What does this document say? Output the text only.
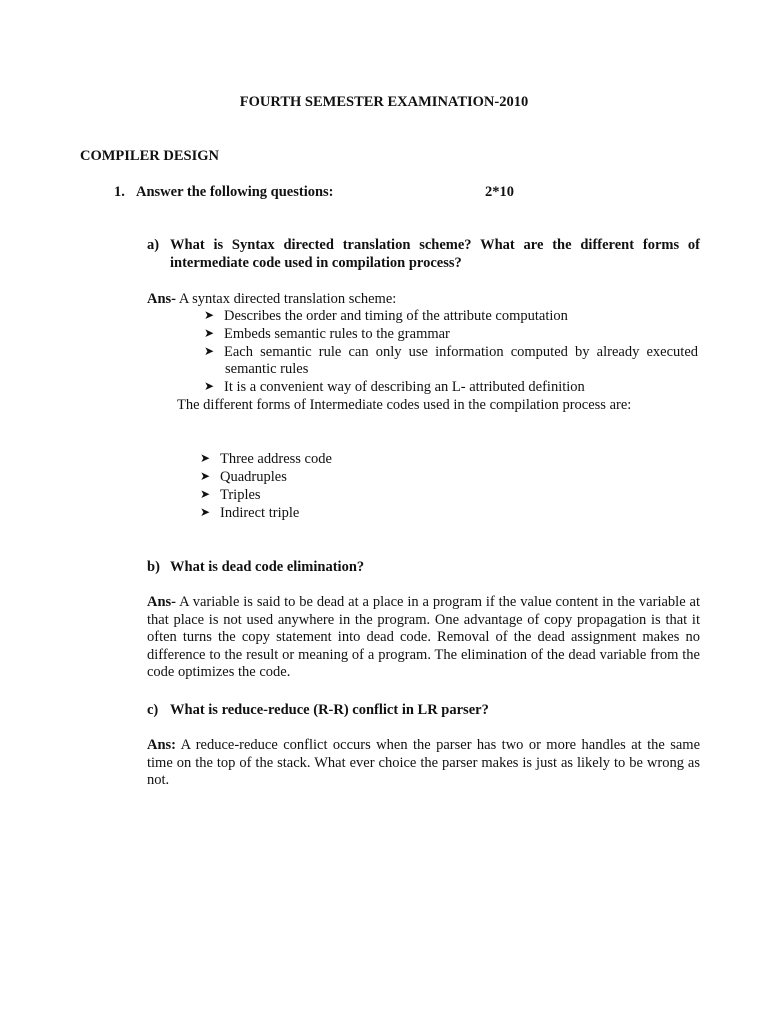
FOURTH SEMESTER EXAMINATION-2010
COMPILER DESIGN
1. Answer the following questions:	2*10
a) What is Syntax directed translation scheme? What are the different forms of
intermediate code used in compilation process?
Ans- A syntax directed translation scheme:
➤ Describes the order and timing of the attribute computation
➤ Embeds semantic rules to the grammar
➤ Each semantic rule can only use information computed by already executed
semantic rules
➤ It is a convenient way of describing an L- attributed definition
The different forms of Intermediate codes used in the compilation process are:
➤ Three address code
➤ Quadruples
➤ Triples
➤ Indirect triple
b) What is dead code elimination?
Ans- A variable is said to be dead at a place in a program if the value content in the variable at that place is not used anywhere in the program. One advantage of copy propagation is that it often turns the copy statement into dead code. Removal of the dead assignment makes no difference to the result or meaning of a program. The elimination of the dead variable from the code optimizes the code.
c) What is reduce-reduce (R-R) conflict in LR parser?
Ans: A reduce-reduce conflict occurs when the parser has two or more handles at the same time on the top of the stack. What ever choice the parser makes is just as likely to be wrong as not.
